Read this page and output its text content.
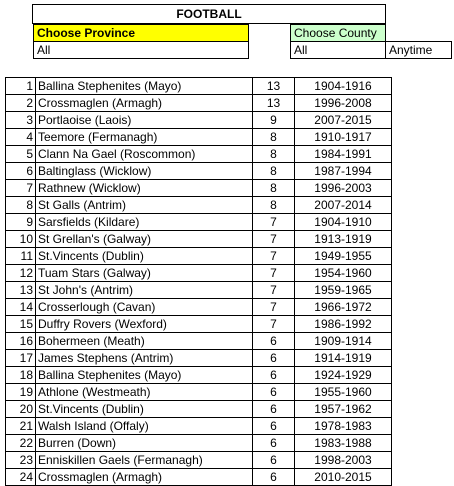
FOOTBALL
Choose Province
All
Choose County
All	Anytime
1	Ballina Stephenites (Mayo)	13	1904-1916
2	Crossmaglen (Armagh)	13	1996-2008
3	Portlaoise (Laois)	9	2007-2015
4	Teemore (Fermanagh)	8	1910-1917
5	Clann Na Gael (Roscommon)	8	1984-1991
6	Baltinglass (Wicklow)	8	1987-1994
7	Rathnew (Wicklow)	8	1996-2003
8	St Galls (Antrim)	8	2007-2014
9	Sarsfields (Kildare)	7	1904-1910
10	St Grellan's (Galway)	7	1913-1919
11	St.Vincents (Dublin)	7	1949-1955
12	Tuam Stars (Galway)	7	1954-1960
13	St John's (Antrim)	7	1959-1965
14	Crosserlough (Cavan)	7	1966-1972
15	Duffry Rovers (Wexford)	7	1986-1992
16	Bohermeen (Meath)	6	1909-1914
17	James Stephens (Antrim)	6	1914-1919
18	Ballina Stephenites (Mayo)	6	1924-1929
19	Athlone (Westmeath)	6	1955-1960
20	St.Vincents (Dublin)	6	1957-1962
21	Walsh Island (Offaly)	6	1978-1983
22	Burren (Down)	6	1983-1988
23	Enniskillen Gaels (Fermanagh)	6	1998-2003
24	Crossmaglen (Armagh)	6	2010-2015
